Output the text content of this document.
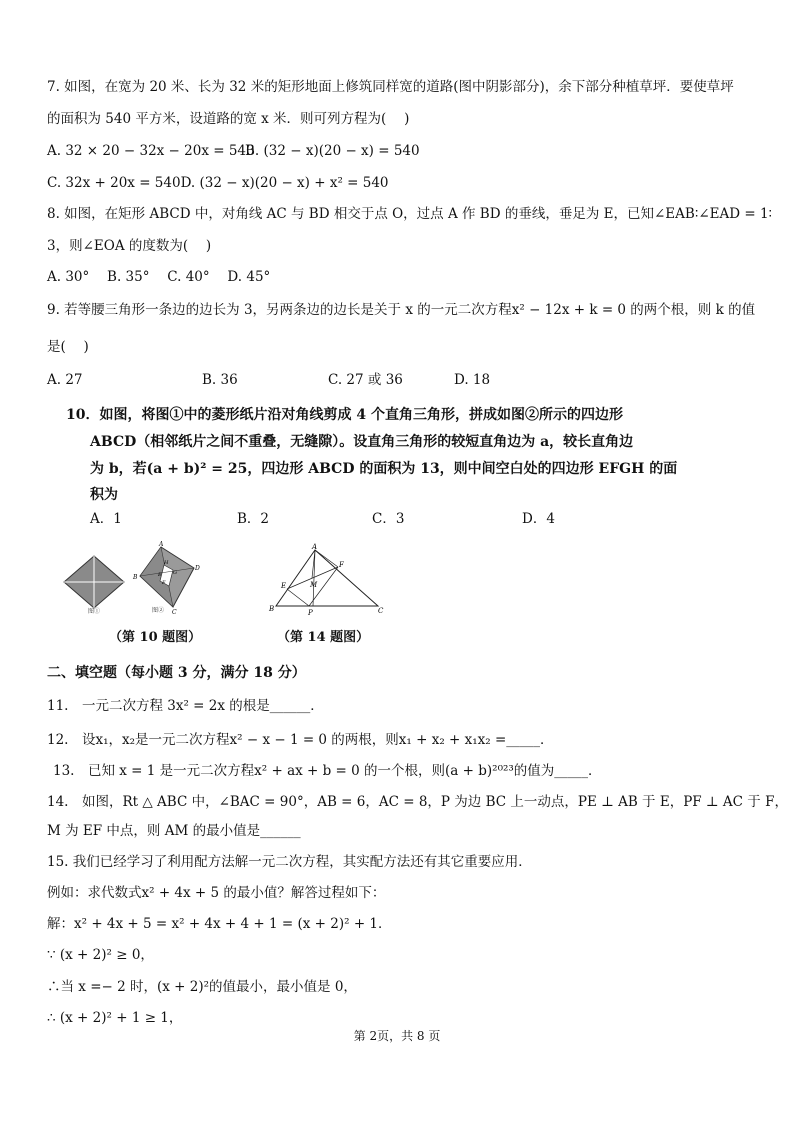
7. 如图，在宽为 20 米、长为 32 米的矩形地面上修筑同样宽的道路(图中阴影部分)，余下部分种植草坪．要使草坪
的面积为 540 平方米，设道路的宽 x 米．则可列方程为(　 )
A. 32 × 20 − 32x − 20x = 540
B. (32 − x)(20 − x) = 540
C. 32x + 20x = 540D. (32 − x)(20 − x) + x² = 540
8. 如图，在矩形 ABCD 中，对角线 AC 与 BD 相交于点 O，过点 A 作 BD 的垂线，垂足为 E，已知∠EAB∶∠EAD = 1∶
3，则∠EOA 的度数为(　 )
A. 30°　 B. 35°　 C. 40°　 D. 45°
9. 若等腰三角形一条边的边长为 3，另两条边的边长是关于 x 的一元二次方程x² − 12x + k = 0 的两个根，则 k 的值
是(　 )
A. 27	B. 36	C. 27 或 36	D. 18
10．如图，将图①中的菱形纸片沿对角线剪成 4 个直角三角形，拼成如图②所示的四边形
ABCD（相邻纸片之间不重叠，无缝隙）。设直角三角形的较短直角边为 a，较长直角边
为 b，若(a + b)² = 25，四边形 ABCD 的面积为 13，则中间空白处的四边形 EFGH 的面
积为
A．1	B．2	C．3	D．4
图①
A
B
C
D
H
E
F
G
图②
A
B	C
F
E	M
P
（第 10 题图）	（第 14 题图）
二、填空题（每小题 3 分，满分 18 分）
11.　一元二次方程 3x² = 2x 的根是______．
12.　设x₁，x₂是一元二次方程x² − x − 1 = 0 的两根，则x₁ + x₂ + x₁x₂ =_____．
13.　已知 x = 1 是一元二次方程x² + ax + b = 0 的一个根，则(a + b)²⁰²³的值为_____．
14.　如图，Rt △ ABC 中，∠BAC = 90°，AB = 6，AC = 8，P 为边 BC 上一动点，PE ⊥ AB 于 E，PF ⊥ AC 于 F，
M 为 EF 中点，则 AM 的最小值是______
15. 我们已经学习了利用配方法解一元二次方程，其实配方法还有其它重要应用．
例如：求代数式x² + 4x + 5 的最小值？解答过程如下：
解：x² + 4x + 5 = x² + 4x + 4 + 1 = (x + 2)² + 1．
∵ (x + 2)² ≥ 0，
∴当 x =− 2 时，(x + 2)²的值最小，最小值是 0，
∴ (x + 2)² + 1 ≥ 1，
第 2页，共 8 页
